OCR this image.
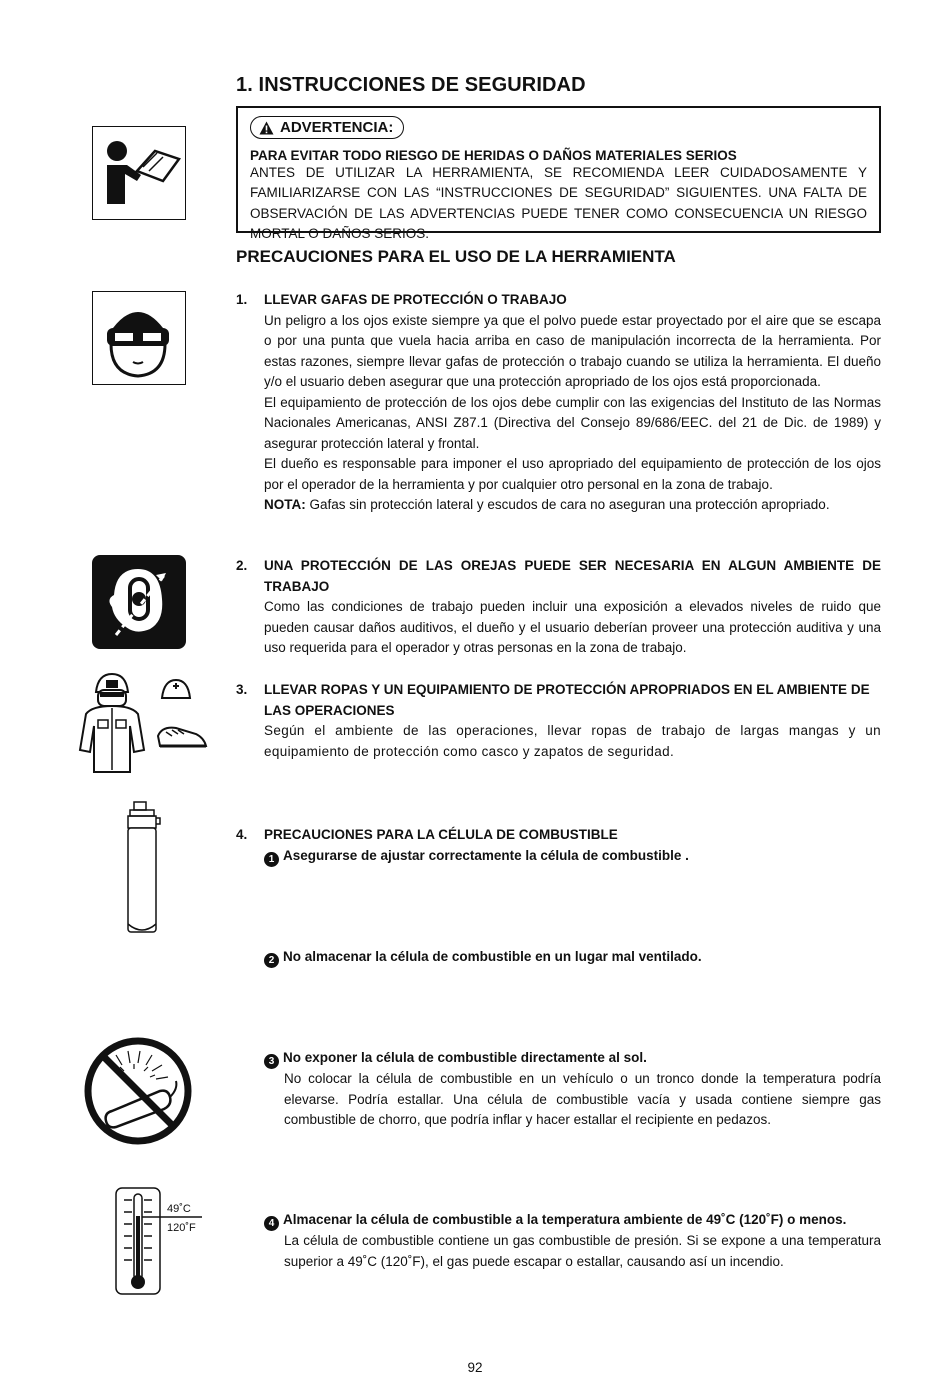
1. INSTRUCCIONES DE SEGURIDAD
ADVERTENCIA:
PARA EVITAR TODO RIESGO DE HERIDAS O DAÑOS MATERIALES SERIOS
ANTES DE UTILIZAR LA HERRAMIENTA, SE RECOMIENDA LEER CUIDADOSAMENTE Y FAMILIARIZARSE CON LAS “INSTRUCCIONES DE SEGURIDAD” SIGUIENTES. UNA FALTA DE OBSERVACIÓN DE LAS ADVERTENCIAS PUEDE TENER COMO CONSECUENCIA UN RIESGO MORTAL O DAÑOS SERIOS.
PRECAUCIONES PARA EL USO DE LA HERRAMIENTA
1. LLEVAR GAFAS DE PROTECCIÓN O TRABAJO
Un peligro a los ojos existe siempre ya que el polvo puede estar proyectado por el aire que se escapa o por una punta que vuela hacia arriba en caso de manipulación incorrecta de la herramienta. Por estas razones, siempre llevar gafas de protección o trabajo cuando se utiliza la herramienta. El dueño y/o el usuario deben asegurar que una protección apropriado de los ojos está proporcionada.
El equipamiento de protección de los ojos debe cumplir con las exigencias del Instituto de las Normas Nacionales Americanas, ANSI Z87.1 (Directiva del Consejo 89/686/EEC. del 21 de Dic. de 1989) y asegurar protección lateral y frontal.
El dueño es responsable para imponer el uso apropriado del equipamiento de protección de los ojos por el operador de la herramienta y por cualquier otro personal en la zona de trabajo.
NOTA: Gafas sin protección lateral y escudos de cara no aseguran una protección apropriado.
2. UNA PROTECCIÓN DE LAS OREJAS PUEDE SER NECESARIA EN ALGUN AMBIENTE DE TRABAJO
Como las condiciones de trabajo pueden incluir una exposición a elevados niveles de ruido que pueden causar daños auditivos, el dueño y el usuario deberían proveer una protección auditiva y una uso requerida para el operador y otras personas en la zona de trabajo.
3. LLEVAR ROPAS Y UN EQUIPAMIENTO DE PROTECCIÓN APROPRIADOS EN EL AMBIENTE DE LAS OPERACIONES
Según el ambiente de las operaciones, llevar ropas de trabajo de largas mangas y un equipamiento de protección como casco y zapatos de seguridad.
4. PRECAUCIONES PARA LA CÉLULA DE COMBUSTIBLE
1 Asegurarse de ajustar correctamente la célula de combustible .
2 No almacenar la célula de combustible en un lugar mal ventilado.
3 No exponer la célula de combustible directamente al sol.
No colocar la célula de combustible en un vehículo o un tronco donde la temperatura podría elevarse. Podría estallar. Una célula de combustible vacía y usada contiene siempre gas combustible de chorro, que podría inflar y hacer estallar el recipiente en pedazos.
49˚C
120˚F	4 Almacenar la célula de combustible a la temperatura ambiente de 49˚C (120˚F) o menos.
La célula de combustible contiene un gas combustible de presión. Si se expone a una temperatura superior a 49˚C (120˚F), el gas puede escapar o estallar, causando así un incendio.
92
